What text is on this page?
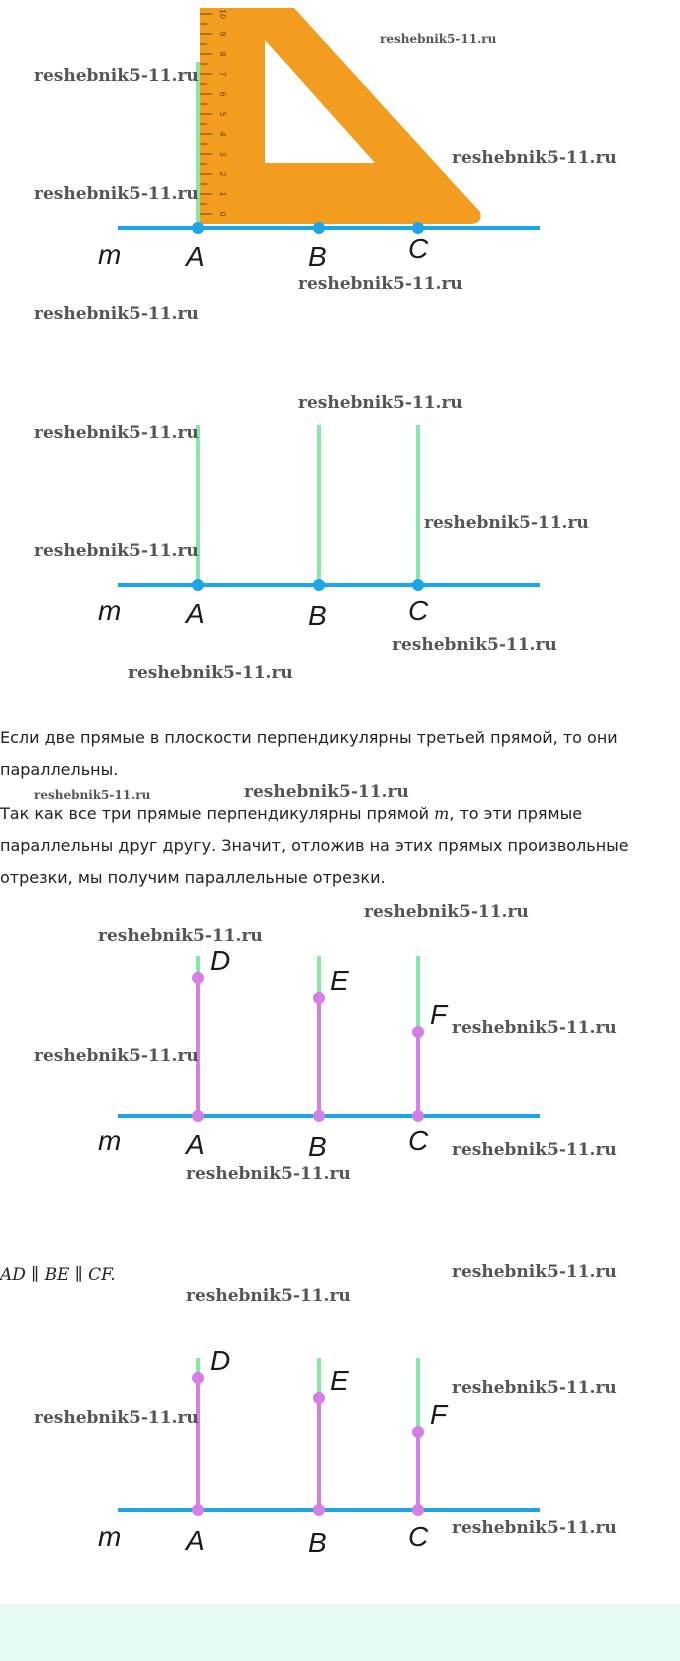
0
1
2
3
4
5
6
7
8
9
10
m A	B	C
reshebnik5-11.ru
reshebnik5-11.ru
reshebnik5-11.ru
reshebnik5-11.ru
reshebnik5-11.ru
reshebnik5-11.ru
m A	B	C
reshebnik5-11.ru
reshebnik5-11.ru
reshebnik5-11.ru
reshebnik5-11.ru
reshebnik5-11.ru
reshebnik5-11.ru
Если две прямые в плоскости перпендикулярны третьей прямой, то они параллельны.
reshebnik5-11.ru	reshebnik5-11.ru
Так как все три прямые перпендикулярны прямой m, то эти прямые параллельны друг другу. Значит, отложив на этих прямых произвольные отрезки, мы получим параллельные отрезки.
m A	B	C
D
E
F
reshebnik5-11.ru
reshebnik5-11.ru
reshebnik5-11.ru
reshebnik5-11.ru
reshebnik5-11.ru
reshebnik5-11.ru
AD ∥ BE ∥ CF.	reshebnik5-11.ru
reshebnik5-11.ru
m A	B	C
D
E
F
reshebnik5-11.ru
reshebnik5-11.ru
reshebnik5-11.ru
